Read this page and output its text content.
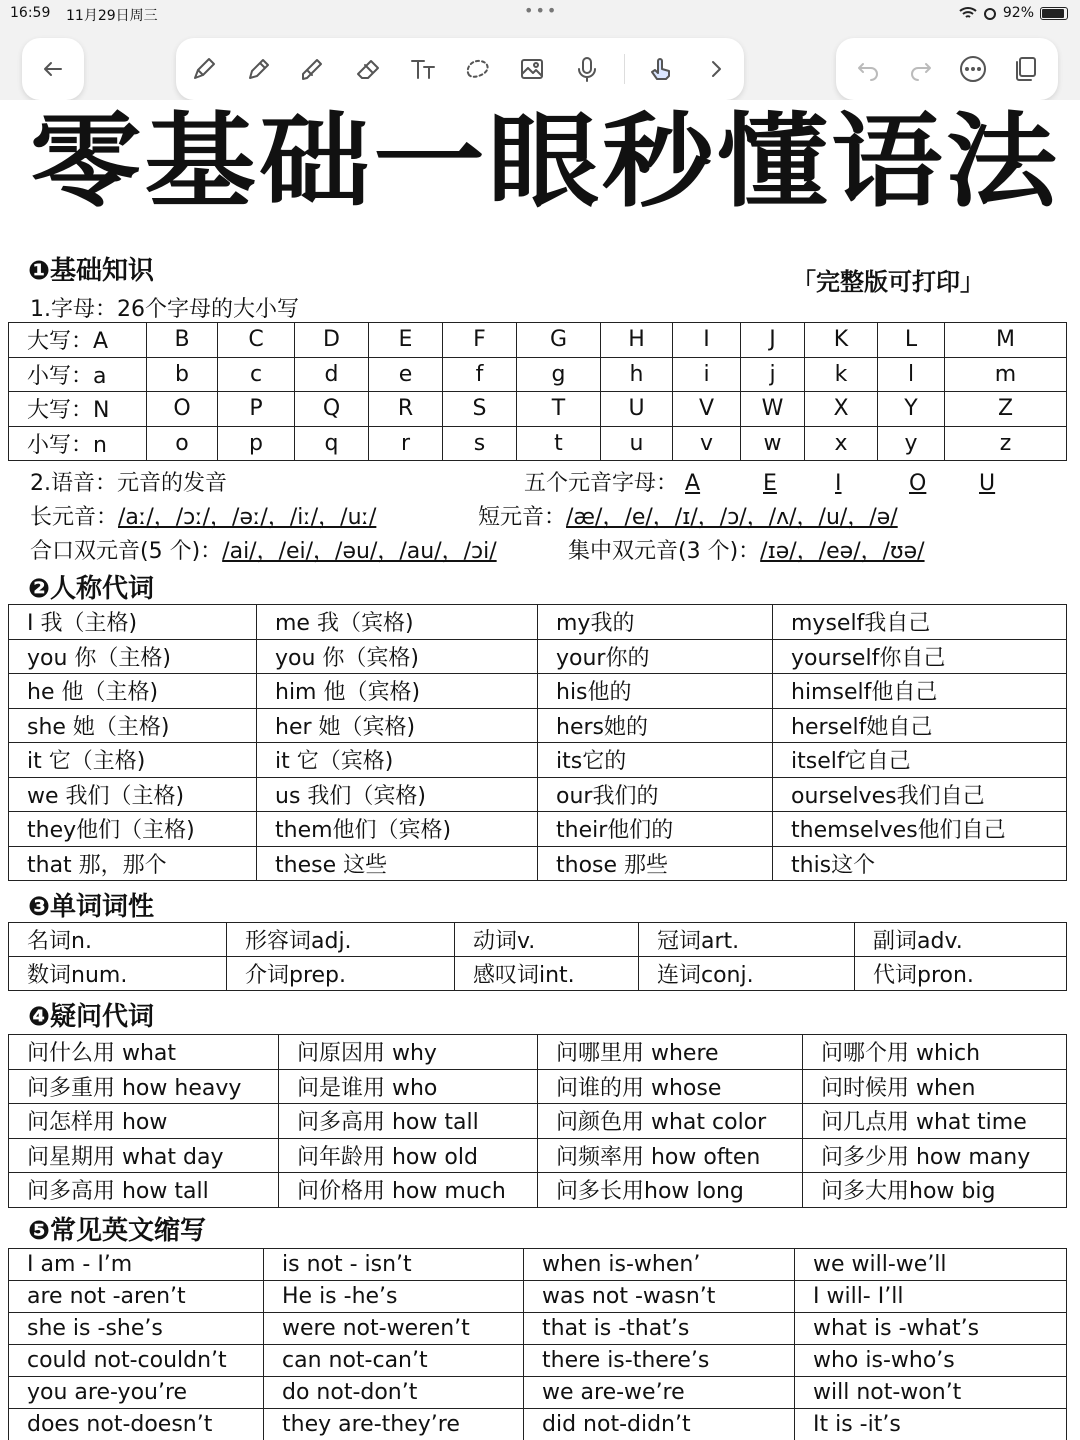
16:59 11月29日周三	•••	92%
零基础一眼秒懂语法
❶基础知识	「完整版可打印」
1.字母：26个字母的大小写
大写：A	B	C	D	E	F	G	H	I	J	K	L	M
小写：a	b	c	d	e	f	g	h	i	j	k	l	m
大写：N	O	P	Q	R	S	T	U	V	W	X	Y	Z
小写：n	o	p	q	r	s	t	u	v	w	x	y	z
2.语音：元音的发音	五个元音字母： A	E	I	O U
长元音：/aː/，/ɔː/，/əː/，/iː/，/uː/	短元音：/æ/，/e/，/ɪ/，/ɔ/，/ʌ/，/u/，/ə/
合口双元音(5 个)：/ai/，/ei/，/əu/，/au/，/ɔi/	集中双元音(3 个)：/ɪə/，/eə/，/ʊə/
❷人称代词
I 我（主格)	me 我（宾格)	my我的	myself我自己
you 你（主格)	you 你（宾格)	your你的	yourself你自己
he 他（主格)	him 他（宾格)	his他的	himself他自己
she 她（主格)	her 她（宾格)	hers她的	herself她自己
it 它（主格)	it 它（宾格)	its它的	itself它自己
we 我们（主格)	us 我们（宾格)	our我们的	ourselves我们自己
they他们（主格)	them他们（宾格)	their他们的	themselves他们自己
that 那，那个	these 这些	those 那些	this这个
❸单词词性
名词n.	形容词adj.	动词v.	冠词art.	副词adv.
数词num.	介词prep.	感叹词int.	连词conj.	代词pron.
❹疑问代词
问什么用 what	问原因用 why	问哪里用 where	问哪个用 which
问多重用 how heavy	问是谁用 who	问谁的用 whose	问时候用 when
问怎样用 how	问多高用 how tall	问颜色用 what color	问几点用 what time
问星期用 what day	问年龄用 how old	问频率用 how often	问多少用 how many
问多高用 how tall	问价格用 how much	问多长用how long	问多大用how big
❺常见英文缩写
I am - I’m	is not - isn’t	when is-when’	we will-we’ll
are not -aren’t	He is -he’s	was not -wasn’t	I will- I’ll
she is -she’s	were not-weren’t	that is -that’s	what is -what’s
could not-couldn’t	can not-can’t	there is-there’s	who is-who’s
you are-you’re	do not-don’t	we are-we’re	will not-won’t
does not-doesn’t	they are-they’re	did not-didn’t	It is -it’s
